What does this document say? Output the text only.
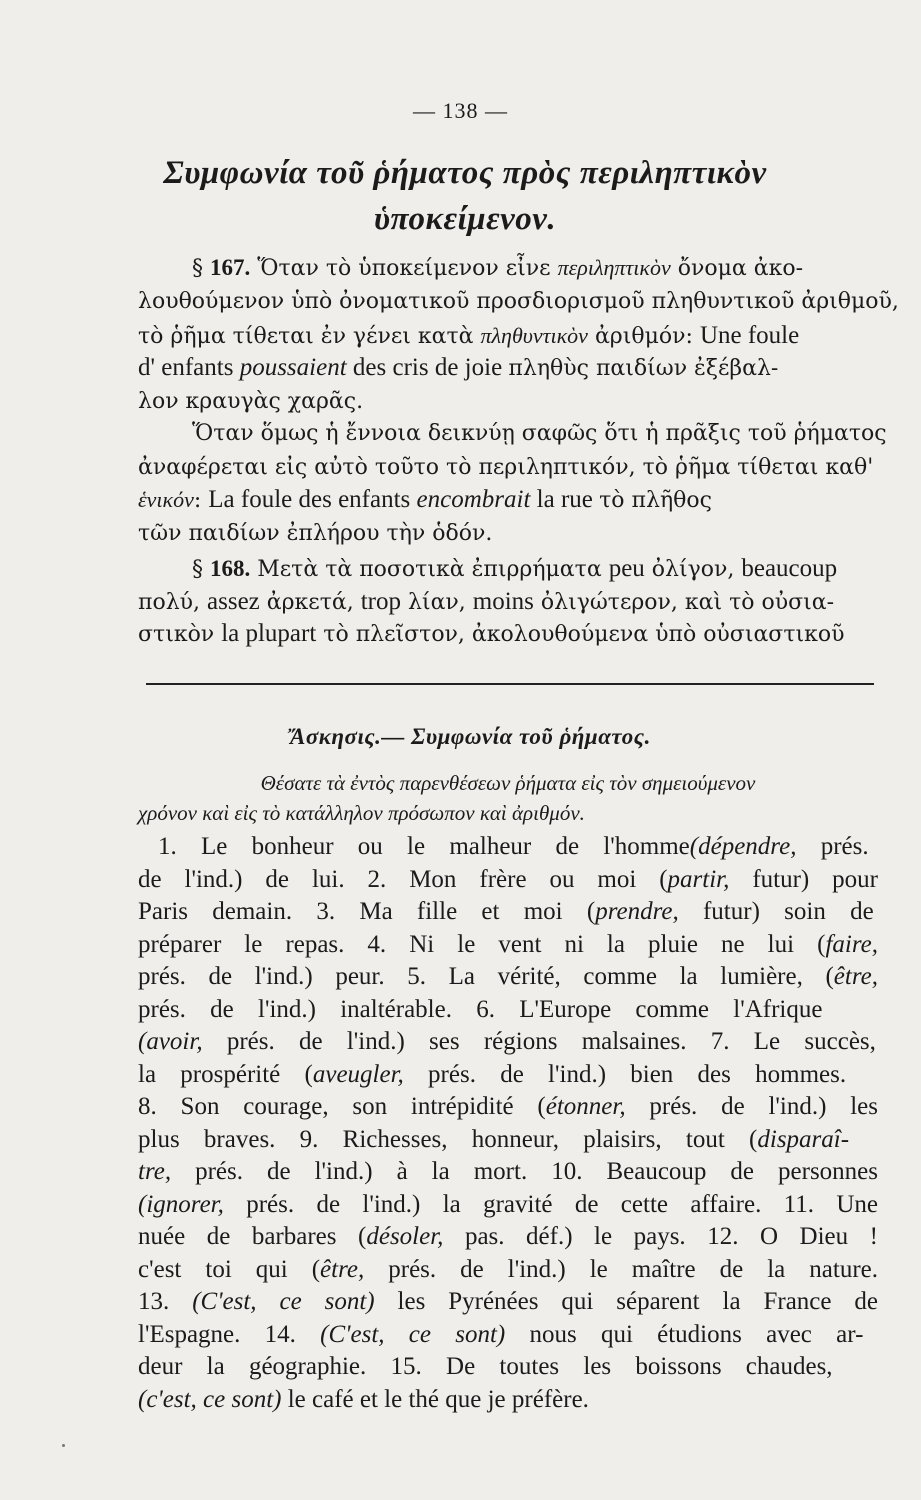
— 138 —
Συμφωνία τοῦ ῥήματος πρὸς περιληπτικὸν
ὑποκείμενον.
§ 167. Ὅταν τὸ ὑποκείμενον εἶνε περιληπτικὸν ὄνομα ἀκο-
λουθούμενον ὑπὸ ὀνοματικοῦ προσδιορισμοῦ πληθυντικοῦ ἀριθμοῦ,
τὸ ῥῆμα τίθεται ἐν γένει κατὰ πληθυντικὸν ἀριθμόν: Une foule
d' enfants poussaient des cris de joie πληθὺς παιδίων ἐξέβαλ-
λον κραυγὰς χαρᾶς.
Ὅταν ὅμως ἡ ἔννοια δεικνύῃ σαφῶς ὅτι ἡ πρᾶξις τοῦ ῥήματος
ἀναφέρεται εἰς αὐτὸ τοῦτο τὸ περιληπτικόν, τὸ ῥῆμα τίθεται καθ'
ἑνικόν: La foule des enfants encombrait la rue τὸ πλῆθος
τῶν παιδίων ἐπλήρου τὴν ὁδόν.
§ 168. Μετὰ τὰ ποσοτικὰ ἐπιρρήματα peu ὀλίγον, beaucoup
πολύ, assez ἀρκετά, trop λίαν, moins ὀλιγώτερον, καὶ τὸ οὐσια-
στικὸν la plupart τὸ πλεῖστον, ἀκολουθούμενα ὑπὸ οὐσιαστικοῦ
Ἄσκησις.— Συμφωνία τοῦ ῥήματος.
Θέσατε τὰ ἐντὸς παρενθέσεων ῥήματα εἰς τὸν σημειούμενον
χρόνον καὶ εἰς τὸ κατάλληλον πρόσωπον καὶ ἀριθμόν.
1. Le bonheur ou le malheur de l'homme(dépendre, prés.
de l'ind.) de lui. 2. Mon frère ou moi (partir, futur) pour
Paris demain. 3. Ma fille et moi (prendre, futur) soin de
préparer le repas. 4. Ni le vent ni la pluie ne lui (faire,
prés. de l'ind.) peur. 5. La vérité, comme la lumière, (être,
prés. de l'ind.) inaltérable. 6. L'Europe comme l'Afrique
(avoir, prés. de l'ind.) ses régions malsaines. 7. Le succès,
la prospérité (aveugler, prés. de l'ind.) bien des hommes.
8. Son courage, son intrépidité (étonner, prés. de l'ind.) les
plus braves. 9. Richesses, honneur, plaisirs, tout (disparaî-
tre, prés. de l'ind.) à la mort. 10. Beaucoup de personnes
(ignorer, prés. de l'ind.) la gravité de cette affaire. 11. Une
nuée de barbares (désoler, pas. déf.) le pays. 12. O Dieu !
c'est toi qui (être, prés. de l'ind.) le maître de la nature.
13. (C'est, ce sont) les Pyrénées qui séparent la France de
l'Espagne. 14. (C'est, ce sont) nous qui étudions avec ar-
deur la géographie. 15. De toutes les boissons chaudes,
(c'est, ce sont) le café et le thé que je préfère.
